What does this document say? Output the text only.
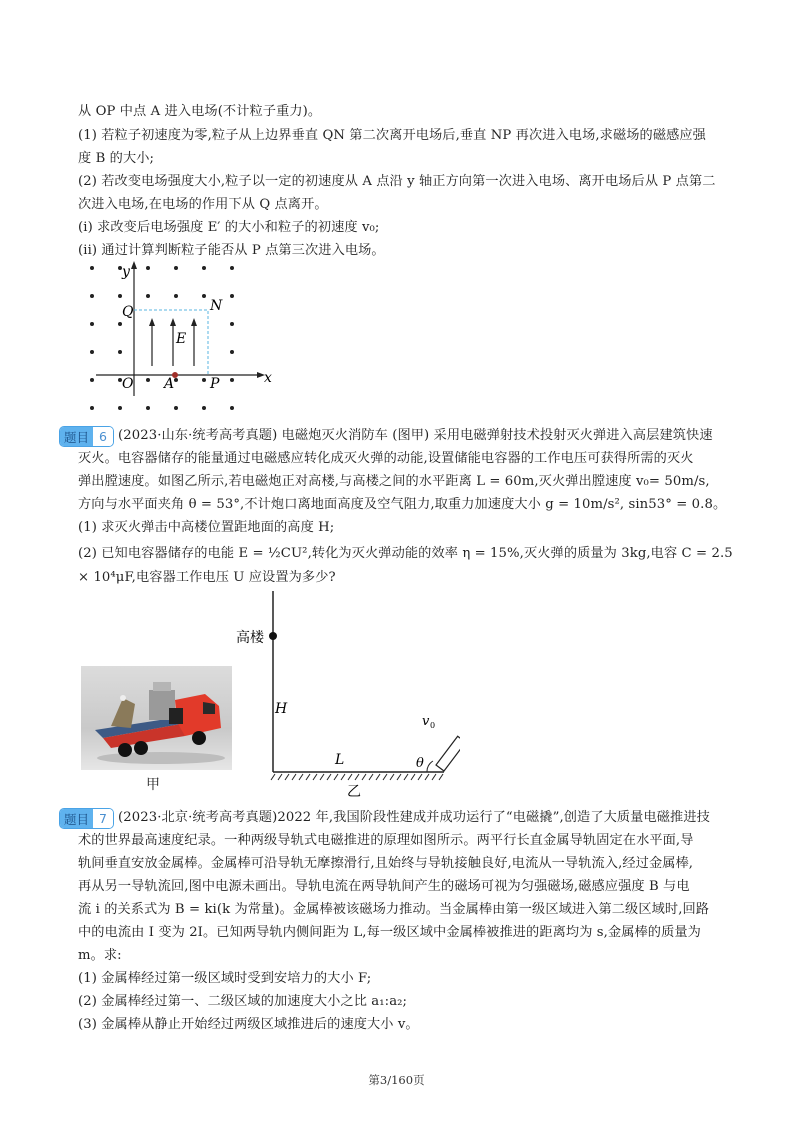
从 OP 中点 A 进入电场(不计粒子重力)。
(1) 若粒子初速度为零,粒子从上边界垂直 QN 第二次离开电场后,垂直 NP 再次进入电场,求磁场的磁感应强
度 B 的大小;
(2) 若改变电场强度大小,粒子以一定的初速度从 A 点沿 y 轴正方向第一次进入电场、离开电场后从 P 点第二
次进入电场,在电场的作用下从 Q 点离开。
(i) 求改变后电场强度 E′ 的大小和粒子的初速度 v₀;
(ii) 通过计算判断粒子能否从 P 点第三次进入电场。
y
x
Q	N
E
O A	P
题目 6 (2023·山东·统考高考真题) 电磁炮灭火消防车 (图甲) 采用电磁弹射技术投射灭火弹进入高层建筑快速
灭火。电容器储存的能量通过电磁感应转化成灭火弹的动能,设置储能电容器的工作电压可获得所需的灭火
弹出膛速度。如图乙所示,若电磁炮正对高楼,与高楼之间的水平距离 L = 60m,灭火弹出膛速度 v₀= 50m/s,
方向与水平面夹角 θ = 53°,不计炮口离地面高度及空气阻力,取重力加速度大小 g = 10m/s², sin53° = 0.8。
(1) 求灭火弹击中高楼位置距地面的高度 H;
(2) 已知电容器储存的电能 E = ½CU²,转化为灭火弹动能的效率 η = 15%,灭火弹的质量为 3kg,电容 C = 2.5
× 10⁴μF,电容器工作电压 U 应设置为多少?
甲
高楼
H
L	θ
v 0
乙
题目 7 (2023·北京·统考高考真题)2022 年,我国阶段性建成并成功运行了“电磁撬”,创造了大质量电磁推进技
术的世界最高速度纪录。一种两级导轨式电磁推进的原理如图所示。两平行长直金属导轨固定在水平面,导
轨间垂直安放金属棒。金属棒可沿导轨无摩擦滑行,且始终与导轨接触良好,电流从一导轨流入,经过金属棒,
再从另一导轨流回,图中电源未画出。导轨电流在两导轨间产生的磁场可视为匀强磁场,磁感应强度 B 与电
流 i 的关系式为 B = ki(k 为常量)。金属棒被该磁场力推动。当金属棒由第一级区域进入第二级区域时,回路
中的电流由 I 变为 2I。已知两导轨内侧间距为 L,每一级区域中金属棒被推进的距离均为 s,金属棒的质量为
m。求:
(1) 金属棒经过第一级区域时受到安培力的大小 F;
(2) 金属棒经过第一、二级区域的加速度大小之比 a₁:a₂;
(3) 金属棒从静止开始经过两级区域推进后的速度大小 v。
第3/160页
